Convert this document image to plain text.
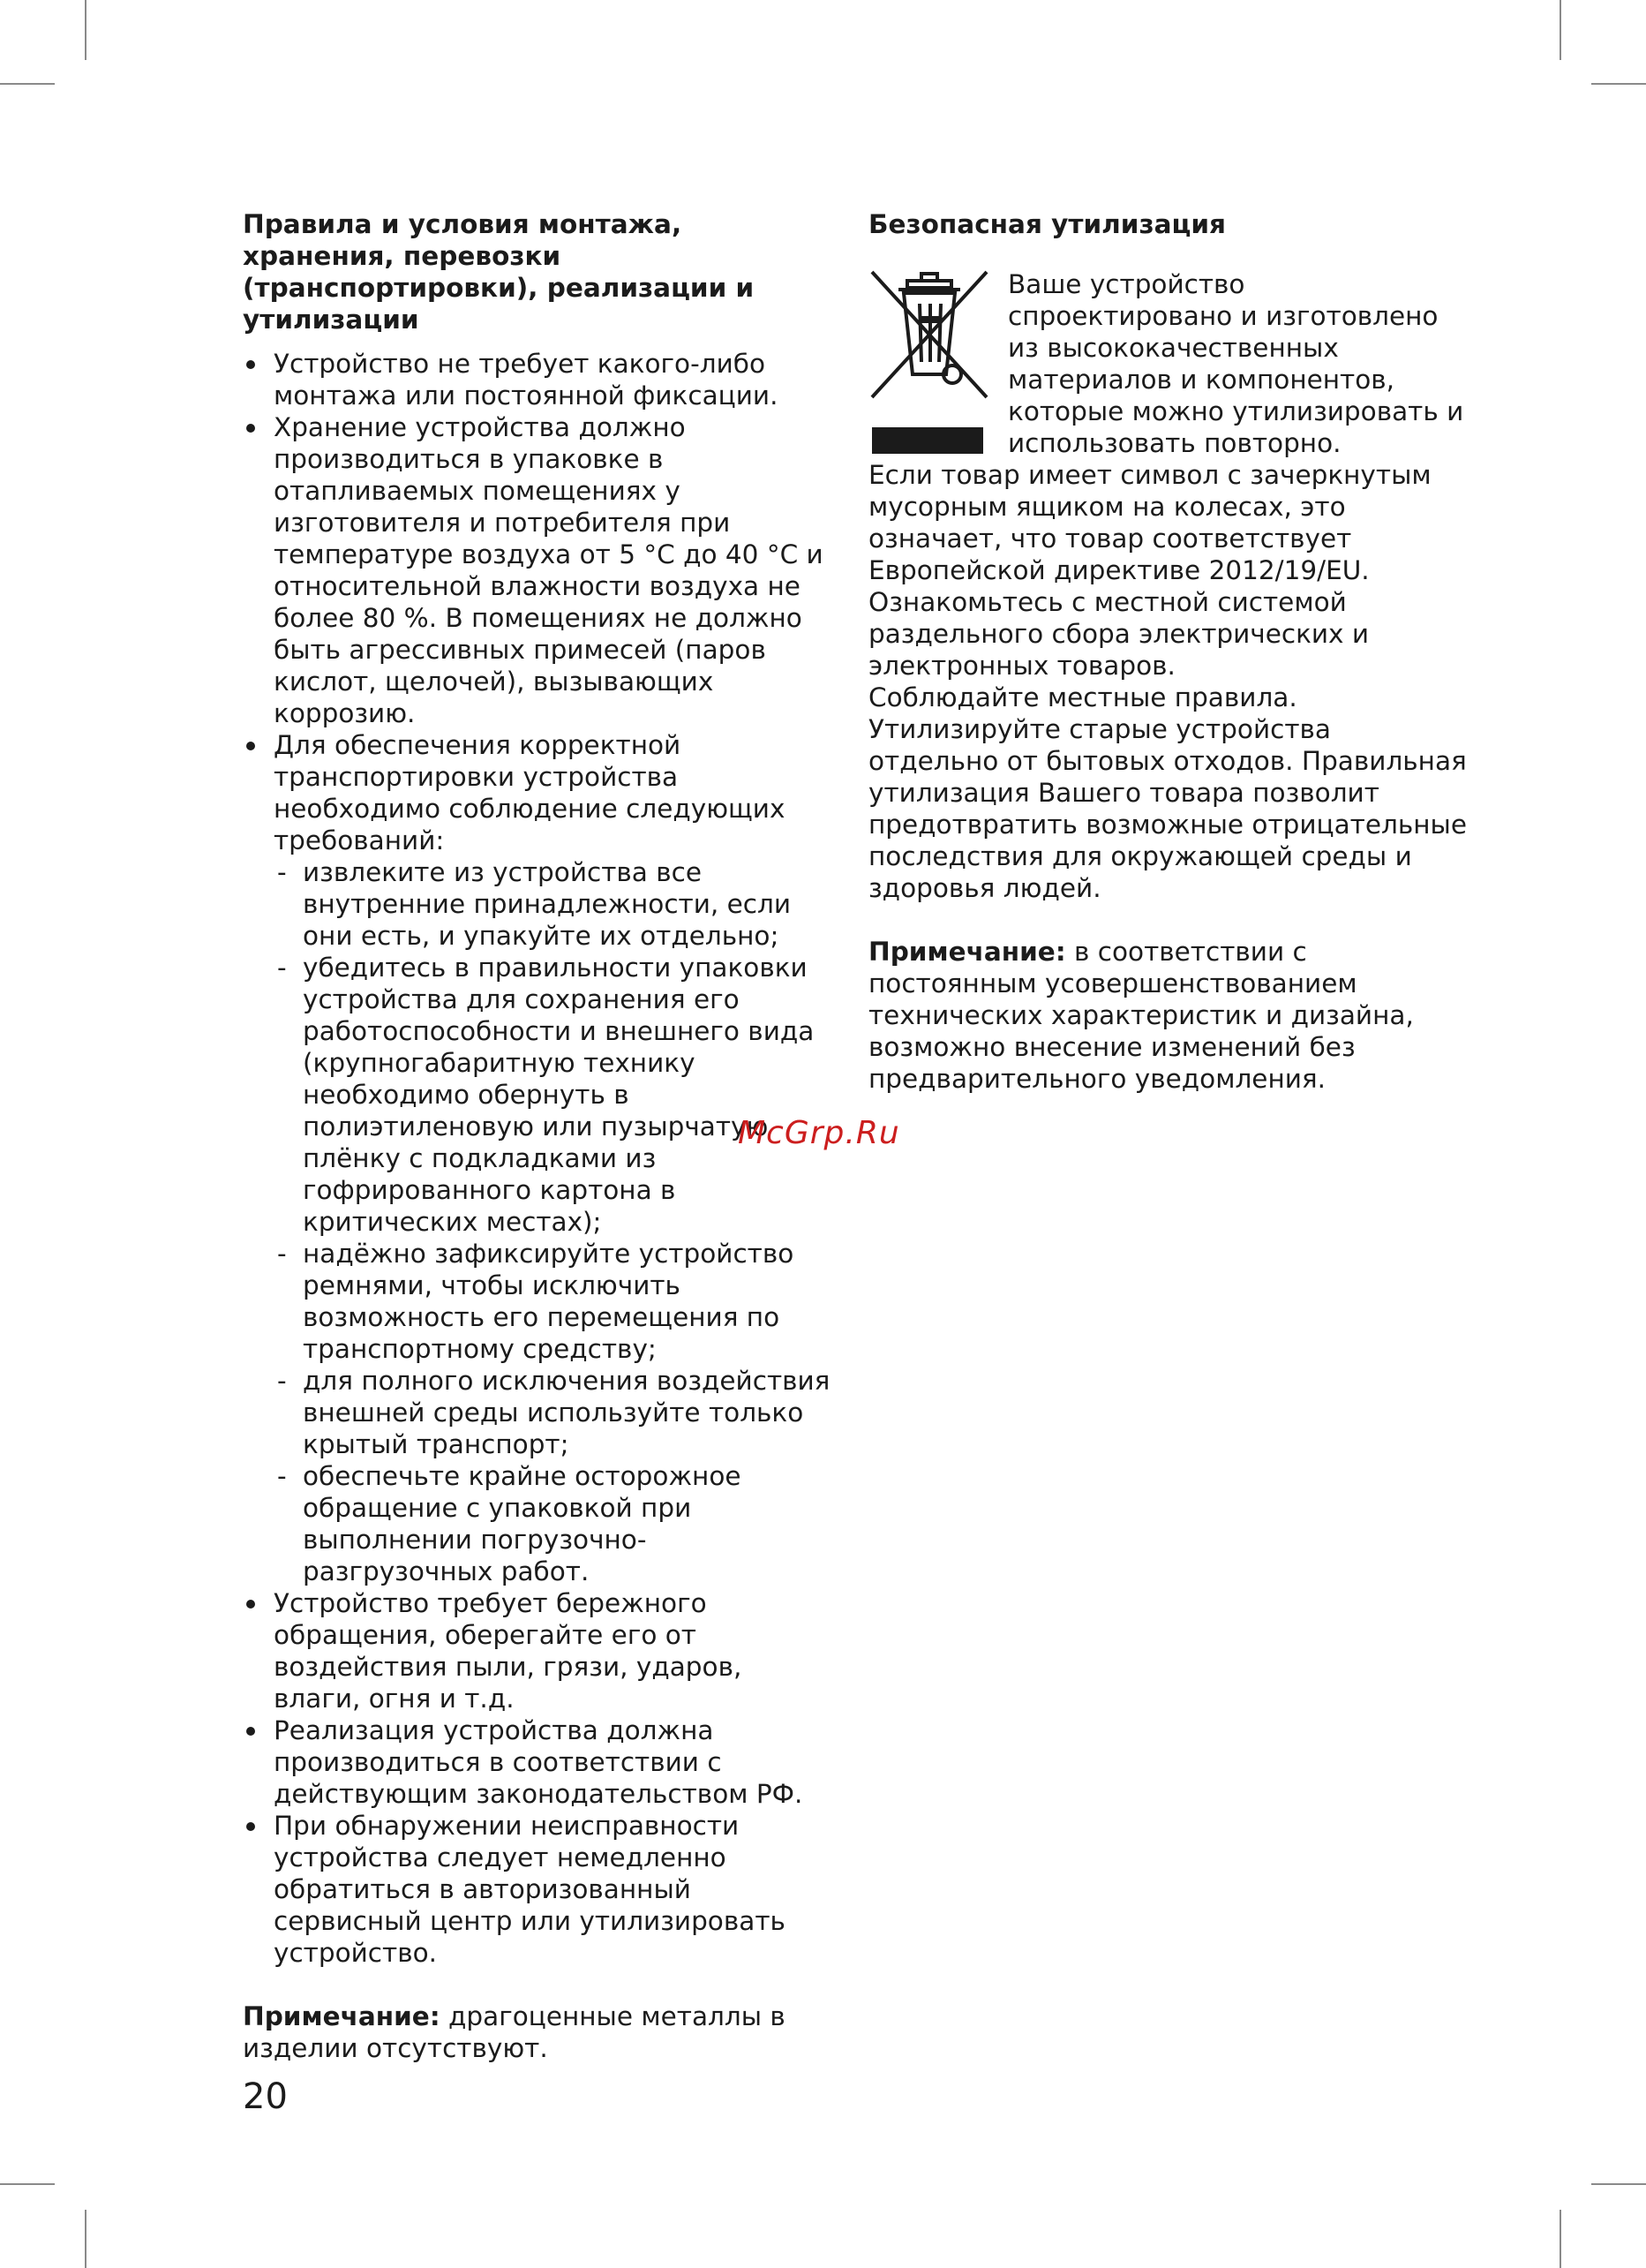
Правила и условия монтажа, хранения, перевозки (транспортировки), реализации и утилизации
Устройство не требует какого-либо монтажа или постоянной фиксации.
Хранение устройства должно производиться в упаковке в отапливаемых помещениях у изготовителя и потребителя при температуре воздуха от 5 °C до 40 °C и относительной влажности воздуха не более 80 %. В помещениях не должно быть агрессивных примесей (паров кислот, щелочей), вызывающих коррозию.
Для обеспечения корректной транспортировки устройства необходимо соблюдение следующих требований:
- извлеките из устройства все внутренние принадлежности, если они есть, и упакуйте их отдельно;
- убедитесь в правильности упаковки устройства для сохранения его работоспособности и внешнего вида (крупногабаритную технику необходимо обернуть в полиэтиленовую или пузырчатую плёнку с подкладками из гофрированного картона в критических местах);
- надёжно зафиксируйте устройство ремнями, чтобы исключить возможность его перемещения по транспортному средству;
- для полного исключения воздействия внешней среды используйте только крытый транспорт;
- обеспечьте крайне осторожное обращение с упаковкой при выполнении погрузочно-разгрузочных работ.
Устройство требует бережного обращения, оберегайте его от воздействия пыли, грязи, ударов, влаги, огня и т.д.
Реализация устройства должна производиться в соответствии с действующим законодательством РФ.
При обнаружении неисправности устройства следует немедленно обратиться в авторизованный сервисный центр или утилизировать устройство.

Примечание: драгоценные металлы в изделии отсутствуют.

Безопасная утилизация

Ваше устройство спроектировано и изготовлено из высококачественных материалов и компонентов, которые можно утилизировать и использовать повторно.

Если товар имеет символ с зачеркнутым мусорным ящиком на колесах, это означает, что товар соответствует Европейской директиве 2012/19/EU.

Ознакомьтесь с местной системой раздельного сбора электрических и электронных товаров.

Соблюдайте местные правила.

Утилизируйте старые устройства отдельно от бытовых отходов. Правильная утилизация Вашего товара позволит предотвратить возможные отрицательные последствия для окружающей среды и здоровья людей.

Примечание: в соответствии с постоянным усовершенствованием технических характеристик и дизайна, возможно внесение изменений без предварительного уведомления.

McGrp.Ru
20
